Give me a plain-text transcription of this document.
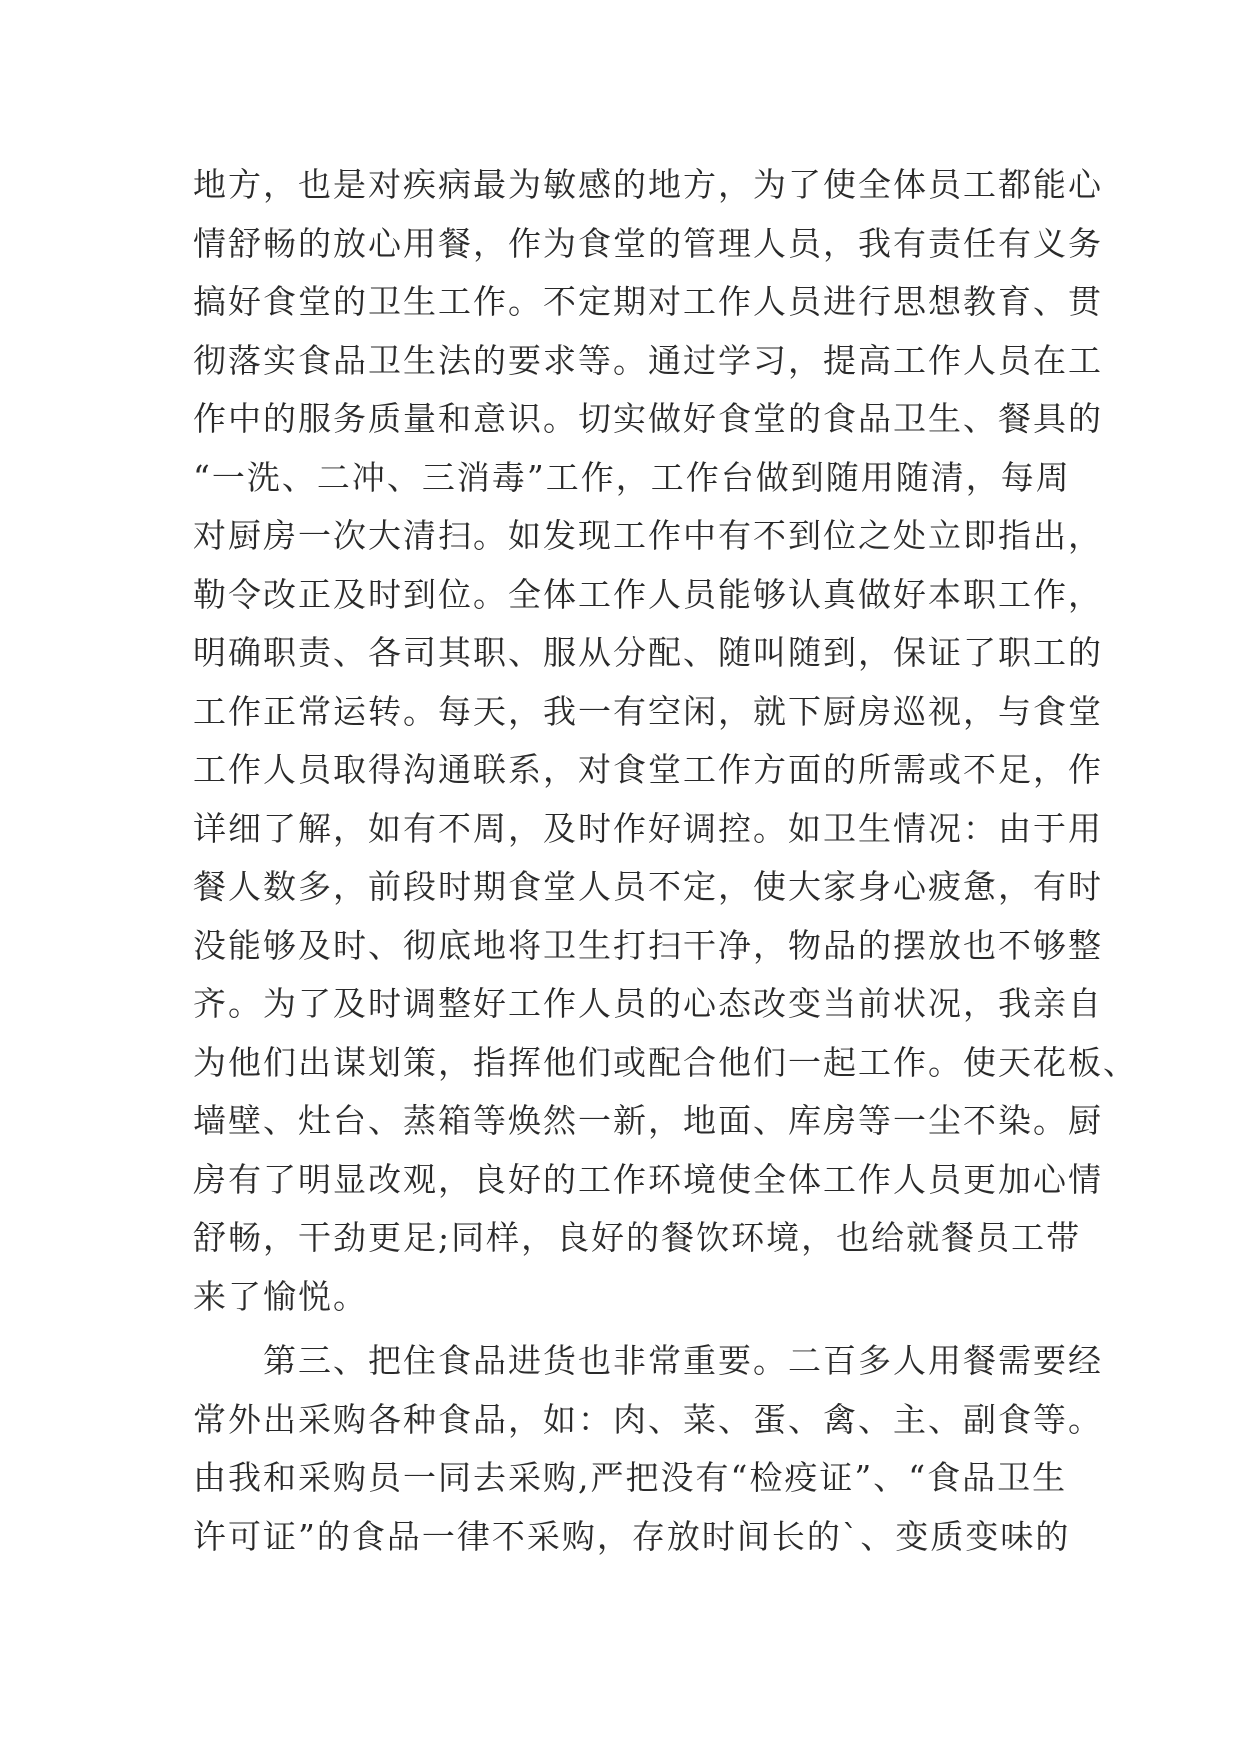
地方，也是对疾病最为敏感的地方，为了使全体员工都能心
情舒畅的放心用餐，作为食堂的管理人员，我有责任有义务
搞好食堂的卫生工作。不定期对工作人员进行思想教育、贯
彻落实食品卫生法的要求等。通过学习，提高工作人员在工
作中的服务质量和意识。切实做好食堂的食品卫生、餐具的
“一洗、二冲、三消毒”工作，工作台做到随用随清，每周
对厨房一次大清扫。如发现工作中有不到位之处立即指出，
勒令改正及时到位。全体工作人员能够认真做好本职工作，
明确职责、各司其职、服从分配、随叫随到，保证了职工的
工作正常运转。每天，我一有空闲，就下厨房巡视，与食堂
工作人员取得沟通联系，对食堂工作方面的所需或不足，作
详细了解，如有不周，及时作好调控。如卫生情况：由于用
餐人数多，前段时期食堂人员不定，使大家身心疲惫，有时
没能够及时、彻底地将卫生打扫干净，物品的摆放也不够整
齐。为了及时调整好工作人员的心态改变当前状况，我亲自
为他们出谋划策，指挥他们或配合他们一起工作。使天花板、
墙壁、灶台、蒸箱等焕然一新，地面、库房等一尘不染。厨
房有了明显改观，良好的工作环境使全体工作人员更加心情
舒畅，干劲更足;同样，良好的餐饮环境，也给就餐员工带
来了愉悦。
　　第三、把住食品进货也非常重要。二百多人用餐需要经
常外出采购各种食品，如：肉、菜、蛋、禽、主、副食等。
由我和采购员一同去采购,严把没有“检疫证”、“食品卫生
许可证”的食品一律不采购，存放时间长的`、变质变味的
